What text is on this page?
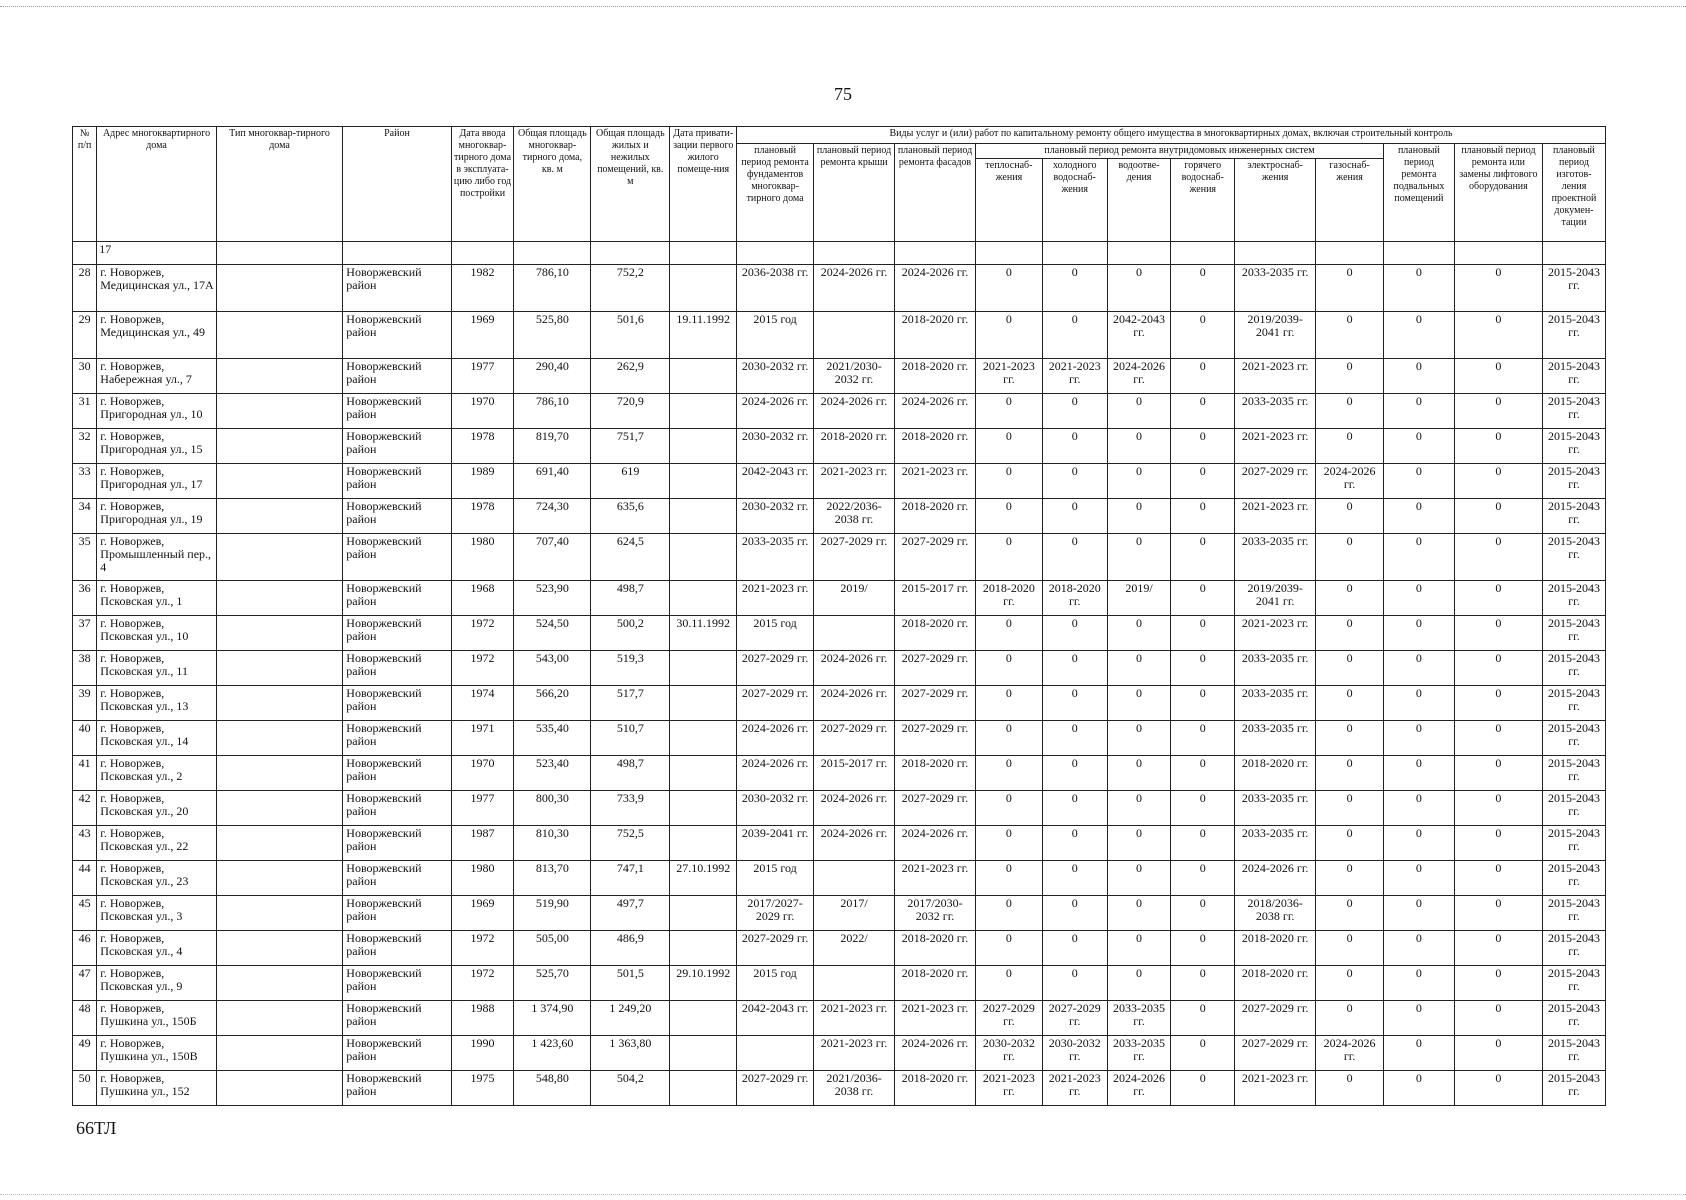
75
№ п/п	Адрес многоквартирного дома	Тип многоквар-тирного дома	Район	Дата ввода многоквар-тирного дома в эксплуата-цию либо год постройки	Общая площадь многоквар-тирного дома, кв. м	Общая площадь жилых и нежилых помещений, кв. м	Дата привати-зации первого жилого помеще-ния	Виды услуг и (или) работ по капитальному ремонту общего имущества в многоквартирных домах, включая строительный контроль											
								плановый период ремонта фундаментов многоквар-тирного дома	плановый период ремонта крыши	плановый период ремонта фасадов	плановый период ремонта внутридомовых инженерных систем						плановый период ремонта подвальных помещений	плановый период ремонта или замены лифтового оборудования	плановый период изготов-ления проектной докумен-тации
											теплоснаб-жения	холодного водоснаб-жения	водоотве-дения	горячего водоснаб-жения	электроснаб-жения	газоснаб-жения			
	17																		
28	г. Новоржев, Медицинская ул., 17А		Новоржевский район	1982	786,10	752,2		2036-2038 гг.	2024-2026 гг.	2024-2026 гг.	0	0	0	0	2033-2035 гг.	0	0	0	2015-2043 гг.
29	г. Новоржев, Медицинская ул., 49		Новоржевский район	1969	525,80	501,6	19.11.1992	2015 год		2018-2020 гг.	0	0	2042-2043 гг.	0	2019/2039-2041 гг.	0	0	0	2015-2043 гг.
30	г. Новоржев, Набережная ул., 7		Новоржевский район	1977	290,40	262,9		2030-2032 гг.	2021/2030-2032 гг.	2018-2020 гг.	2021-2023 гг.	2021-2023 гг.	2024-2026 гг.	0	2021-2023 гг.	0	0	0	2015-2043 гг.
31	г. Новоржев, Пригородная ул., 10		Новоржевский район	1970	786,10	720,9		2024-2026 гг.	2024-2026 гг.	2024-2026 гг.	0	0	0	0	2033-2035 гг.	0	0	0	2015-2043 гг.
32	г. Новоржев, Пригородная ул., 15		Новоржевский район	1978	819,70	751,7		2030-2032 гг.	2018-2020 гг.	2018-2020 гг.	0	0	0	0	2021-2023 гг.	0	0	0	2015-2043 гг.
33	г. Новоржев, Пригородная ул., 17		Новоржевский район	1989	691,40	619		2042-2043 гг.	2021-2023 гг.	2021-2023 гг.	0	0	0	0	2027-2029 гг.	2024-2026 гг.	0	0	2015-2043 гг.
34	г. Новоржев, Пригородная ул., 19		Новоржевский район	1978	724,30	635,6		2030-2032 гг.	2022/2036-2038 гг.	2018-2020 гг.	0	0	0	0	2021-2023 гг.	0	0	0	2015-2043 гг.
35	г. Новоржев, Промышленный пер., 4		Новоржевский район	1980	707,40	624,5		2033-2035 гг.	2027-2029 гг.	2027-2029 гг.	0	0	0	0	2033-2035 гг.	0	0	0	2015-2043 гг.
36	г. Новоржев, Псковская ул., 1		Новоржевский район	1968	523,90	498,7		2021-2023 гг.	2019/	2015-2017 гг.	2018-2020 гг.	2018-2020 гг.	2019/	0	2019/2039-2041 гг.	0	0	0	2015-2043 гг.
37	г. Новоржев, Псковская ул., 10		Новоржевский район	1972	524,50	500,2	30.11.1992	2015 год		2018-2020 гг.	0	0	0	0	2021-2023 гг.	0	0	0	2015-2043 гг.
38	г. Новоржев, Псковская ул., 11		Новоржевский район	1972	543,00	519,3		2027-2029 гг.	2024-2026 гг.	2027-2029 гг.	0	0	0	0	2033-2035 гг.	0	0	0	2015-2043 гг.
39	г. Новоржев, Псковская ул., 13		Новоржевский район	1974	566,20	517,7		2027-2029 гг.	2024-2026 гг.	2027-2029 гг.	0	0	0	0	2033-2035 гг.	0	0	0	2015-2043 гг.
40	г. Новоржев, Псковская ул., 14		Новоржевский район	1971	535,40	510,7		2024-2026 гг.	2027-2029 гг.	2027-2029 гг.	0	0	0	0	2033-2035 гг.	0	0	0	2015-2043 гг.
41	г. Новоржев, Псковская ул., 2		Новоржевский район	1970	523,40	498,7		2024-2026 гг.	2015-2017 гг.	2018-2020 гг.	0	0	0	0	2018-2020 гг.	0	0	0	2015-2043 гг.
42	г. Новоржев, Псковская ул., 20		Новоржевский район	1977	800,30	733,9		2030-2032 гг.	2024-2026 гг.	2027-2029 гг.	0	0	0	0	2033-2035 гг.	0	0	0	2015-2043 гг.
43	г. Новоржев, Псковская ул., 22		Новоржевский район	1987	810,30	752,5		2039-2041 гг.	2024-2026 гг.	2024-2026 гг.	0	0	0	0	2033-2035 гг.	0	0	0	2015-2043 гг.
44	г. Новоржев, Псковская ул., 23		Новоржевский район	1980	813,70	747,1	27.10.1992	2015 год		2021-2023 гг.	0	0	0	0	2024-2026 гг.	0	0	0	2015-2043 гг.
45	г. Новоржев, Псковская ул., 3		Новоржевский район	1969	519,90	497,7		2017/2027-2029 гг.	2017/	2017/2030-2032 гг.	0	0	0	0	2018/2036-2038 гг.	0	0	0	2015-2043 гг.
46	г. Новоржев, Псковская ул., 4		Новоржевский район	1972	505,00	486,9		2027-2029 гг.	2022/	2018-2020 гг.	0	0	0	0	2018-2020 гг.	0	0	0	2015-2043 гг.
47	г. Новоржев, Псковская ул., 9		Новоржевский район	1972	525,70	501,5	29.10.1992	2015 год		2018-2020 гг.	0	0	0	0	2018-2020 гг.	0	0	0	2015-2043 гг.
48	г. Новоржев, Пушкина ул., 150Б		Новоржевский район	1988	1 374,90	1 249,20		2042-2043 гг.	2021-2023 гг.	2021-2023 гг.	2027-2029 гг.	2027-2029 гг.	2033-2035 гг.	0	2027-2029 гг.	0	0	0	2015-2043 гг.
49	г. Новоржев, Пушкина ул., 150В		Новоржевский район	1990	1 423,60	1 363,80			2021-2023 гг.	2024-2026 гг.	2030-2032 гг.	2030-2032 гг.	2033-2035 гг.	0	2027-2029 гг.	2024-2026 гг.	0	0	2015-2043 гг.
50	г. Новоржев, Пушкина ул., 152		Новоржевский район	1975	548,80	504,2		2027-2029 гг.	2021/2036-2038 гг.	2018-2020 гг.	2021-2023 гг.	2021-2023 гг.	2024-2026 гг.	0	2021-2023 гг.	0	0	0	2015-2043 гг.
66ТЛ
